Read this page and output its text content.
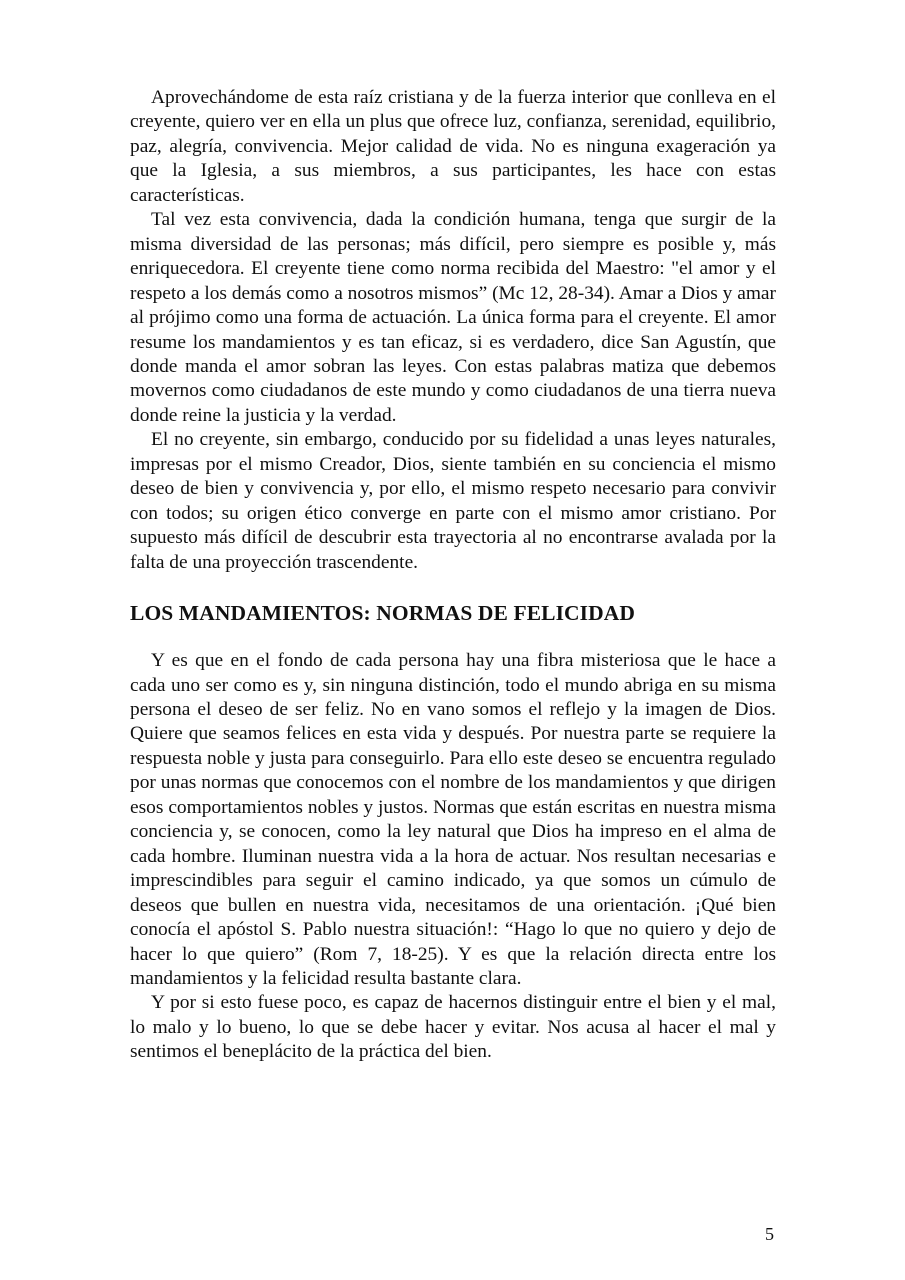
Aprovechándome de esta raíz cristiana y de la fuerza interior que conlleva en el creyente, quiero ver en ella un plus que ofrece luz, confianza, serenidad, equilibrio, paz, alegría, convivencia. Mejor calidad de vida. No es ninguna exageración ya que la Iglesia, a sus miembros, a sus participantes, les hace con estas características.

Tal vez esta convivencia, dada la condición humana, tenga que surgir de la misma diversidad de las personas; más difícil, pero siempre es posible y, más enriquecedora. El creyente tiene como norma recibida del Maestro: "el amor y el respeto a los demás como a nosotros mismos” (Mc 12, 28-34). Amar a Dios y amar al prójimo como una forma de actuación. La única forma para el creyente. El amor resume los mandamientos y es tan eficaz, si es verdadero, dice San Agustín, que donde manda el amor sobran las leyes. Con estas palabras matiza que debemos movernos como ciudadanos de este mundo y como ciudadanos de una tierra nueva donde reine la justicia y la verdad.

El no creyente, sin embargo, conducido por su fidelidad a unas leyes naturales, impresas por el mismo Creador, Dios, siente también en su conciencia el mismo deseo de bien y convivencia y, por ello, el mismo respeto necesario para convivir con todos; su origen ético converge en parte con el mismo amor cristiano. Por supuesto más difícil de descubrir esta trayectoria al no encontrarse avalada por la falta de una proyección trascendente.

LOS MANDAMIENTOS: NORMAS DE FELICIDAD

Y es que en el fondo de cada persona hay una fibra misteriosa que le hace a cada uno ser como es y, sin ninguna distinción, todo el mundo abriga en su misma persona el deseo de ser feliz. No en vano somos el reflejo y la imagen de Dios. Quiere que seamos felices en esta vida y después. Por nuestra parte se requiere la respuesta noble y justa para conseguirlo. Para ello este deseo se encuentra regulado por unas normas que conocemos con el nombre de los mandamientos y que dirigen esos comportamientos nobles y justos. Normas que están escritas en nuestra misma conciencia y, se conocen, como la ley natural que Dios ha impreso en el alma de cada hombre. Iluminan nuestra vida a la hora de actuar. Nos resultan necesarias e imprescindibles para seguir el camino indicado, ya que somos un cúmulo de deseos que bullen en nuestra vida, necesitamos de una orientación. ¡Qué bien conocía el apóstol S. Pablo nuestra situación!: “Hago lo que no quiero y dejo de hacer lo que quiero” (Rom 7, 18-25). Y es que la relación directa entre los mandamientos y la felicidad resulta bastante clara.

Y por si esto fuese poco, es capaz de hacernos distinguir entre el bien y el mal, lo malo y lo bueno, lo que se debe hacer y evitar. Nos acusa al hacer el mal y sentimos el beneplácito de la práctica del bien.

5
